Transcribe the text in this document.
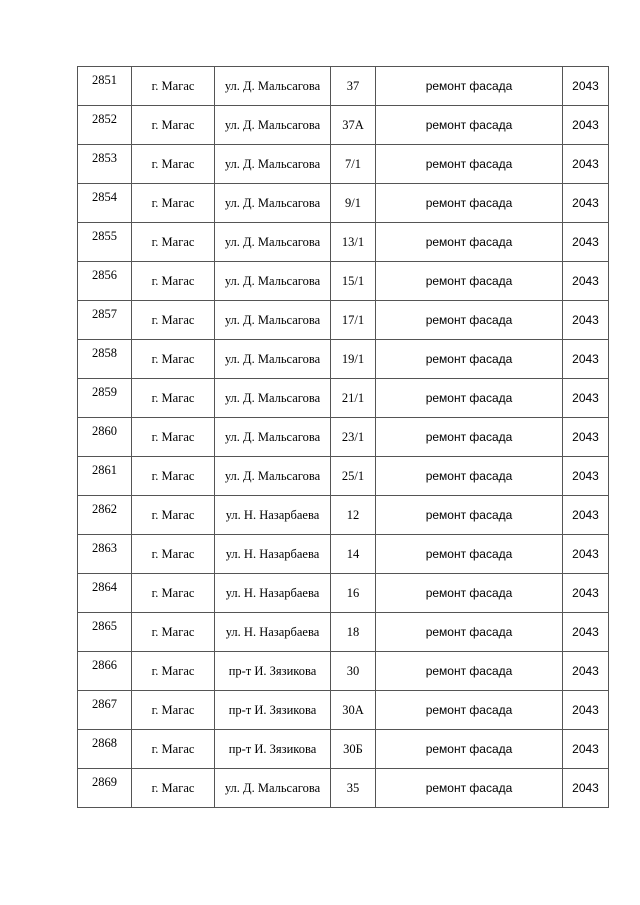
2851	г. Магас	ул. Д. Мальсагова	37	ремонт фасада	2043
2852	г. Магас	ул. Д. Мальсагова	37А	ремонт фасада	2043
2853	г. Магас	ул. Д. Мальсагова	7/1	ремонт фасада	2043
2854	г. Магас	ул. Д. Мальсагова	9/1	ремонт фасада	2043
2855	г. Магас	ул. Д. Мальсагова	13/1	ремонт фасада	2043
2856	г. Магас	ул. Д. Мальсагова	15/1	ремонт фасада	2043
2857	г. Магас	ул. Д. Мальсагова	17/1	ремонт фасада	2043
2858	г. Магас	ул. Д. Мальсагова	19/1	ремонт фасада	2043
2859	г. Магас	ул. Д. Мальсагова	21/1	ремонт фасада	2043
2860	г. Магас	ул. Д. Мальсагова	23/1	ремонт фасада	2043
2861	г. Магас	ул. Д. Мальсагова	25/1	ремонт фасада	2043
2862	г. Магас	ул. Н. Назарбаева	12	ремонт фасада	2043
2863	г. Магас	ул. Н. Назарбаева	14	ремонт фасада	2043
2864	г. Магас	ул. Н. Назарбаева	16	ремонт фасада	2043
2865	г. Магас	ул. Н. Назарбаева	18	ремонт фасада	2043
2866	г. Магас	пр-т И. Зязикова	30	ремонт фасада	2043
2867	г. Магас	пр-т И. Зязикова	30А	ремонт фасада	2043
2868	г. Магас	пр-т И. Зязикова	30Б	ремонт фасада	2043
2869	г. Магас	ул. Д. Мальсагова	35	ремонт фасада	2043
